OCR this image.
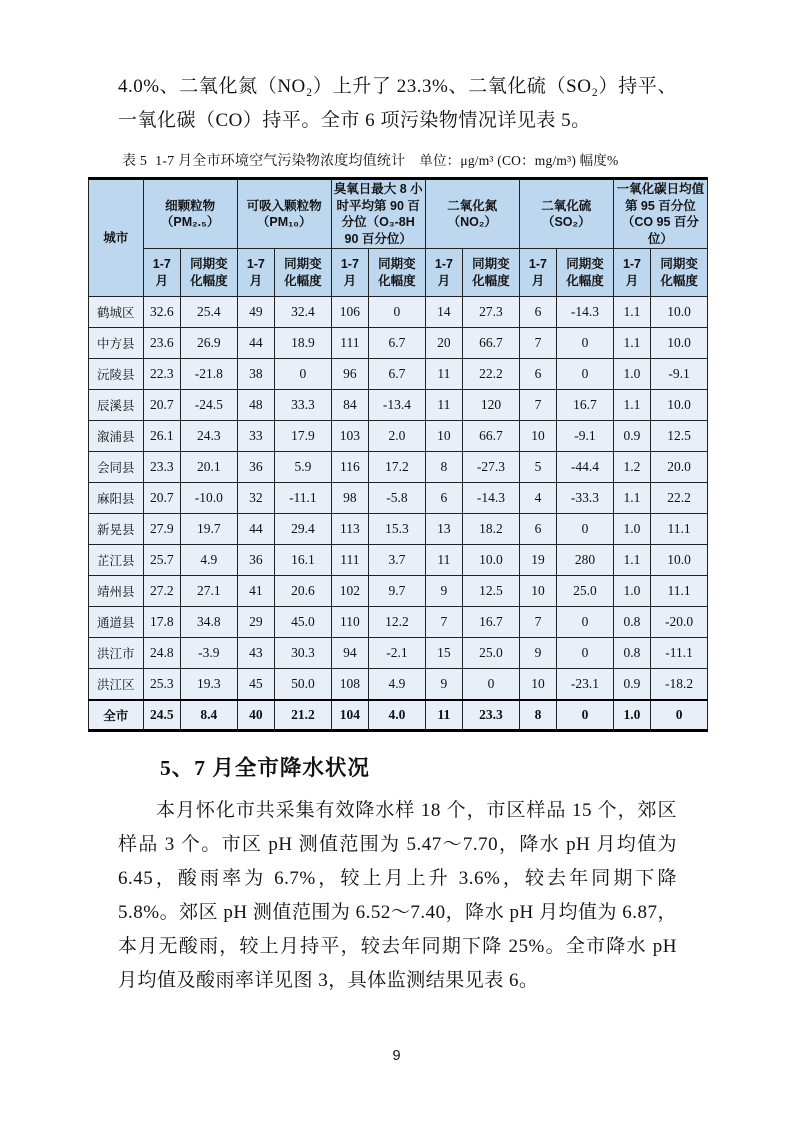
4.0%、二氧化氮（NO₂）上升了 23.3%、二氧化硫（SO₂）持平、一氧化碳（CO）持平。全市 6 项污染物情况详见表 5。

表 5 1-7 月全市环境空气污染物浓度均值统计 单位：μg/m³ (CO：mg/m³) 幅度%

城市	细颗粒物 （PM₂.₅）		可吸入颗粒物 （PM₁₀）		臭氧日最大 8 小时平均第 90 百分位（O₃-8H 90 百分位）		二氧化氮 （NO₂）		二氧化硫 （SO₂）		一氧化碳日均值第 95 百分位（CO 95 百分位）	
	1-7 月	同期变化幅度	1-7 月	同期变化幅度	1-7 月	同期变化幅度	1-7 月	同期变化幅度	1-7 月	同期变化幅度	1-7 月	同期变化幅度
鹤城区	32.6	25.4	49	32.4	106	0	14	27.3	6	-14.3	1.1	10.0
中方县	23.6	26.9	44	18.9	111	6.7	20	66.7	7	0	1.1	10.0
沅陵县	22.3	-21.8	38	0	96	6.7	11	22.2	6	0	1.0	-9.1
辰溪县	20.7	-24.5	48	33.3	84	-13.4	11	120	7	16.7	1.1	10.0
溆浦县	26.1	24.3	33	17.9	103	2.0	10	66.7	10	-9.1	0.9	12.5
会同县	23.3	20.1	36	5.9	116	17.2	8	-27.3	5	-44.4	1.2	20.0
麻阳县	20.7	-10.0	32	-11.1	98	-5.8	6	-14.3	4	-33.3	1.1	22.2
新晃县	27.9	19.7	44	29.4	113	15.3	13	18.2	6	0	1.0	11.1
芷江县	25.7	4.9	36	16.1	111	3.7	11	10.0	19	280	1.1	10.0
靖州县	27.2	27.1	41	20.6	102	9.7	9	12.5	10	25.0	1.0	11.1
通道县	17.8	34.8	29	45.0	110	12.2	7	16.7	7	0	0.8	-20.0
洪江市	24.8	-3.9	43	30.3	94	-2.1	15	25.0	9	0	0.8	-11.1
洪江区	25.3	19.3	45	50.0	108	4.9	9	0	10	-23.1	0.9	-18.2
全市	24.5	8.4	40	21.2	104	4.0	11	23.3	8	0	1.0	0
5、7 月全市降水状况

本月怀化市共采集有效降水样 18 个，市区样品 15 个，郊区样品 3 个。市区 pH 测值范围为 5.47～7.70，降水 pH 月均值为 6.45，酸雨率为 6.7%，较上月上升 3.6%，较去年同期下降 5.8%。郊区 pH 测值范围为 6.52～7.40，降水 pH 月均值为 6.87，本月无酸雨，较上月持平，较去年同期下降 25%。全市降水 pH 月均值及酸雨率详见图 3，具体监测结果见表 6。

9
